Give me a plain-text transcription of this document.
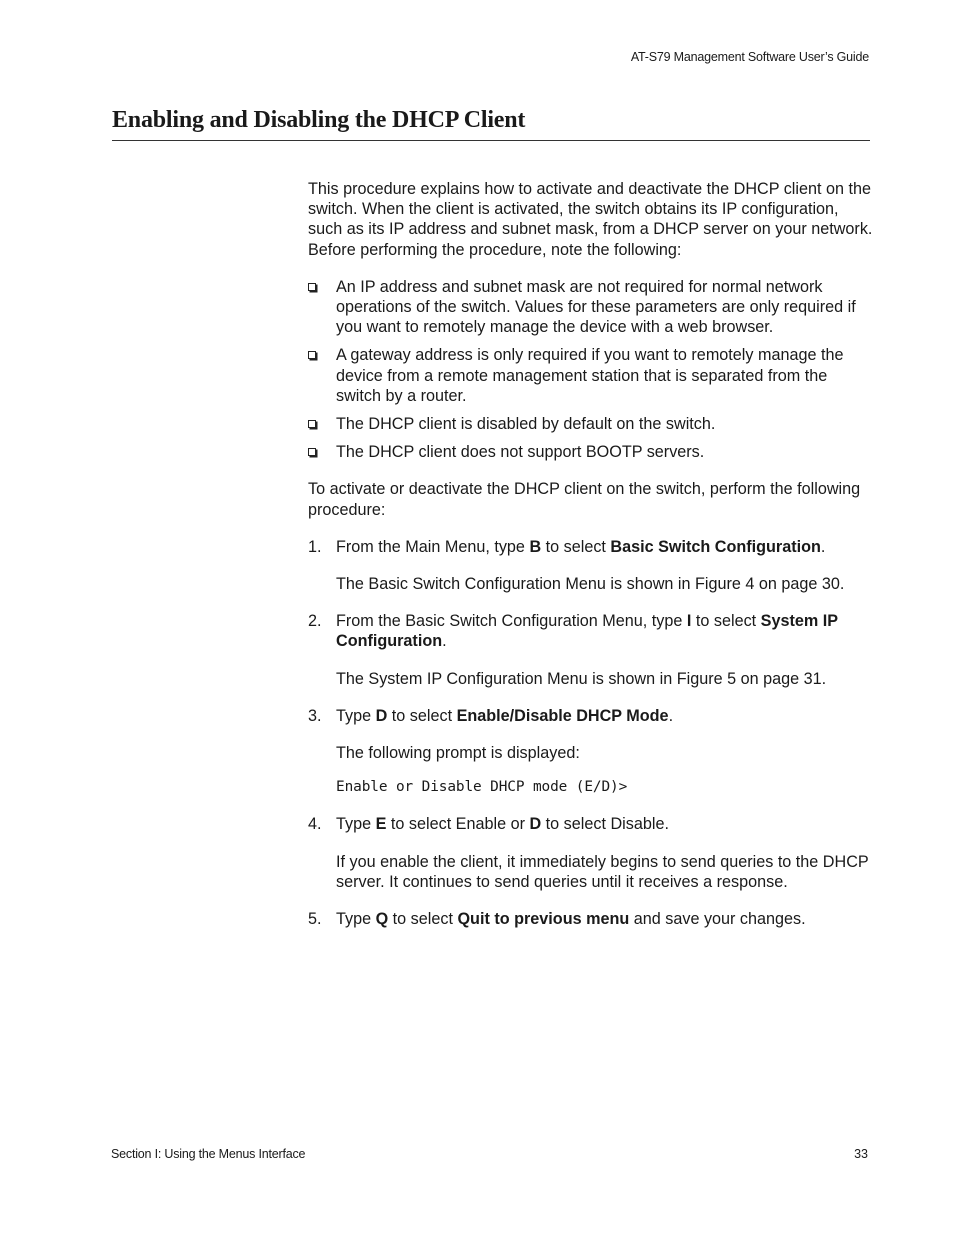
AT-S79 Management Software User’s Guide
Enabling and Disabling the DHCP Client

This procedure explains how to activate and deactivate the DHCP client on the switch. When the client is activated, the switch obtains its IP configuration, such as its IP address and subnet mask, from a DHCP server on your network. Before performing the procedure, note the following:

An IP address and subnet mask are not required for normal network operations of the switch. Values for these parameters are only required if you want to remotely manage the device with a web browser.
A gateway address is only required if you want to remotely manage the device from a remote management station that is separated from the switch by a router.
The DHCP client is disabled by default on the switch.
The DHCP client does not support BOOTP servers.

To activate or deactivate the DHCP client on the switch, perform the following procedure:

1. From the Main Menu, type B to select Basic Switch Configuration.

The Basic Switch Configuration Menu is shown in Figure 4 on page 30.

2. From the Basic Switch Configuration Menu, type I to select System IP Configuration.

The System IP Configuration Menu is shown in Figure 5 on page 31.

3. Type D to select Enable/Disable DHCP Mode.

The following prompt is displayed:

Enable or Disable DHCP mode (E/D)>

4. Type E to select Enable or D to select Disable.

If you enable the client, it immediately begins to send queries to the DHCP server. It continues to send queries until it receives a response.

5. Type Q to select Quit to previous menu and save your changes.

Section I: Using the Menus Interface	33
